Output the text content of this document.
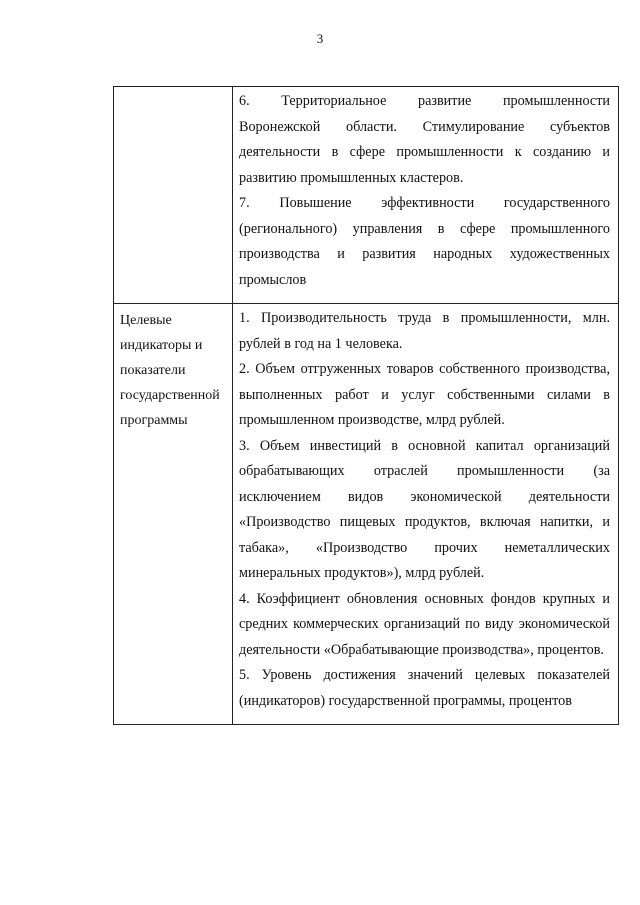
3

	6. Территориальное развитие промышленности Воронежской области. Стимулирование субъектов деятельности в сфере промышленности к созданию и развитию промышленных кластеров.
7. Повышение эффективности государственного (регионального) управления в сфере промышленного производства и развития народных художественных промыслов

Целевые индикаторы и показатели государственной программы	1. Производительность труда в промышленности, млн. рублей в год на 1 человека.
2. Объем отгруженных товаров собственного производства, выполненных работ и услуг собственными силами в промышленном производстве, млрд рублей.
3. Объем инвестиций в основной капитал организаций обрабатывающих отраслей промышленности (за исключением видов экономической деятельности «Производство пищевых продуктов, включая напитки, и табака», «Производство прочих неметаллических минеральных продуктов»), млрд рублей.
4. Коэффициент обновления основных фондов крупных и средних коммерческих организаций по виду экономической деятельности «Обрабатывающие производства», процентов.
5. Уровень достижения значений целевых показателей (индикаторов) государственной программы, процентов
